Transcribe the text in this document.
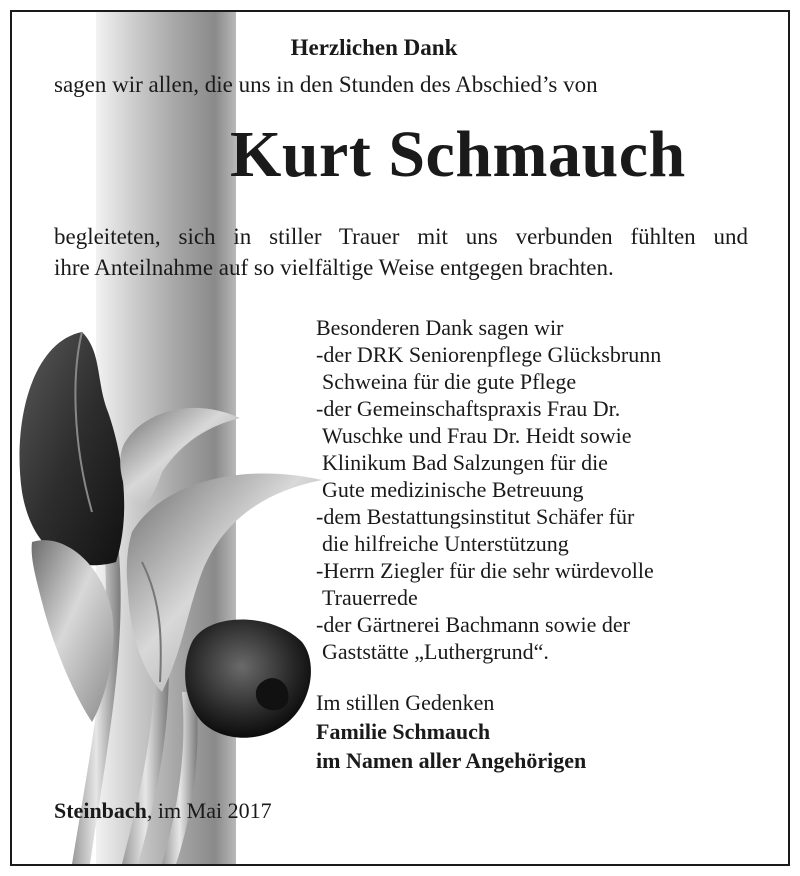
Herzlichen Dank
sagen wir allen, die uns in den Stunden des Abschied’s von
Kurt Schmauch
begleiteten, sich in stiller Trauer mit uns verbunden fühlten und
ihre Anteilnahme auf so vielfältige Weise entgegen brachten.
Besonderen Dank sagen wir
-der DRK Seniorenpflege Glücksbrunn
Schweina für die gute Pflege
-der Gemeinschaftspraxis Frau Dr.
Wuschke und Frau Dr. Heidt sowie
Klinikum Bad Salzungen für die
Gute medizinische Betreuung
-dem Bestattungsinstitut Schäfer für
die hilfreiche Unterstützung
-Herrn Ziegler für die sehr würdevolle
Trauerrede
-der Gärtnerei Bachmann sowie der
Gaststätte „Luthergrund“.
Im stillen Gedenken
Familie Schmauch
im Namen aller Angehörigen
Steinbach, im Mai 2017
